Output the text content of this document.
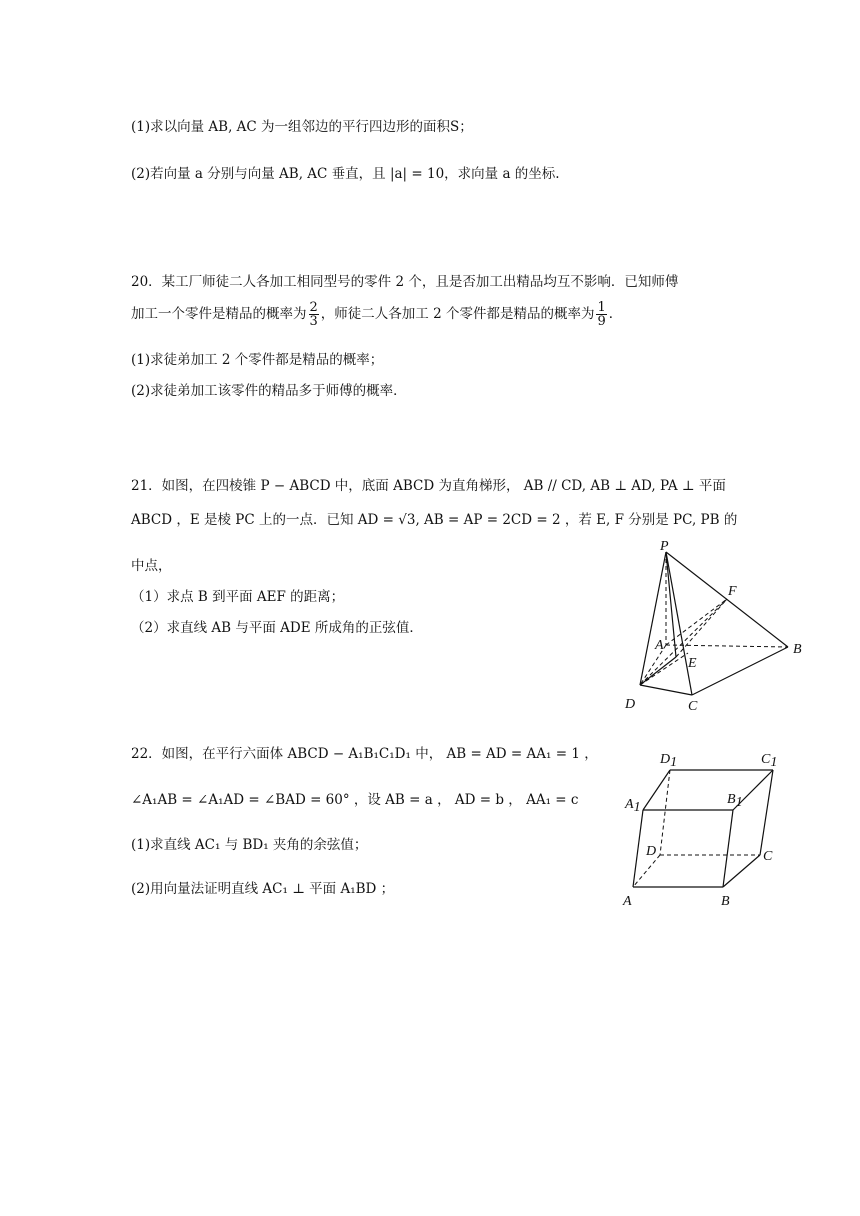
(1)求以向量 AB, AC 为一组邻边的平行四边形的面积S；
(2)若向量 a 分别与向量 AB, AC 垂直，且 |a| = 10，求向量 a 的坐标.
20．某工厂师徒二人各加工相同型号的零件 2 个，且是否加工出精品均互不影响．已知师傅
加工一个零件是精品的概率为 $\frac{2}{3}$ ，师徒二人各加工 2 个零件都是精品的概率为 $\frac{1}{9}$ ．
(1)求徒弟加工 2 个零件都是精品的概率；
(2)求徒弟加工该零件的精品多于师傅的概率．
21．如图，在四棱锥 P − ABCD 中，底面 ABCD 为直角梯形， AB // CD, AB ⊥ AD, PA ⊥ 平面
ABCD ，E 是棱 PC 上的一点．已知 AD = √3, AB = AP = 2CD = 2 ，若 E, F 分别是 PC, PB 的
中点，
（1）求点 B 到平面 AEF 的距离；
（2）求直线 AB 与平面 ADE 所成角的正弦值．
P
F
A
E
B
D	C
22．如图，在平行六面体 ABCD − A₁B₁C₁D₁ 中， AB = AD = AA₁ = 1 ，
∠A₁AB = ∠A₁AD = ∠BAD = 60° ，设 AB = a ， AD = b ， AA₁ = c
(1)求直线 AC₁ 与 BD₁ 夹角的余弦值；
(2)用向量法证明直线 AC₁ ⊥ 平面 A₁BD ；
D1	C1
A1
B1
D	C
A	B
